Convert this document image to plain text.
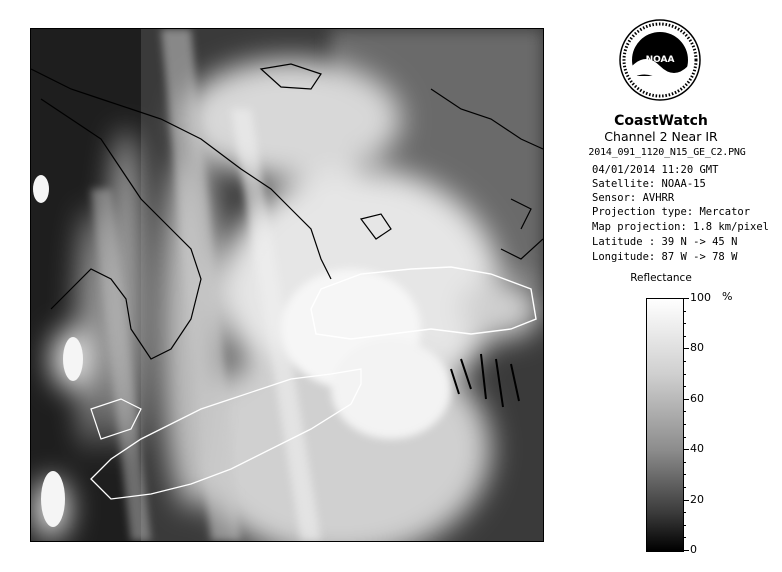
NOAA
CoastWatch
Channel 2 Near IR
2014_091_1120_N15_GE_C2.PNG
04/01/2014 11:20 GMT
Satellite: NOAA-15
Sensor: AVHRR
Projection type: Mercator
Map projection: 1.8 km/pixel
Latitude : 39 N -> 45 N
Longitude: 87 W -> 78 W
Reflectance
%
100
80
60
40
20
0
